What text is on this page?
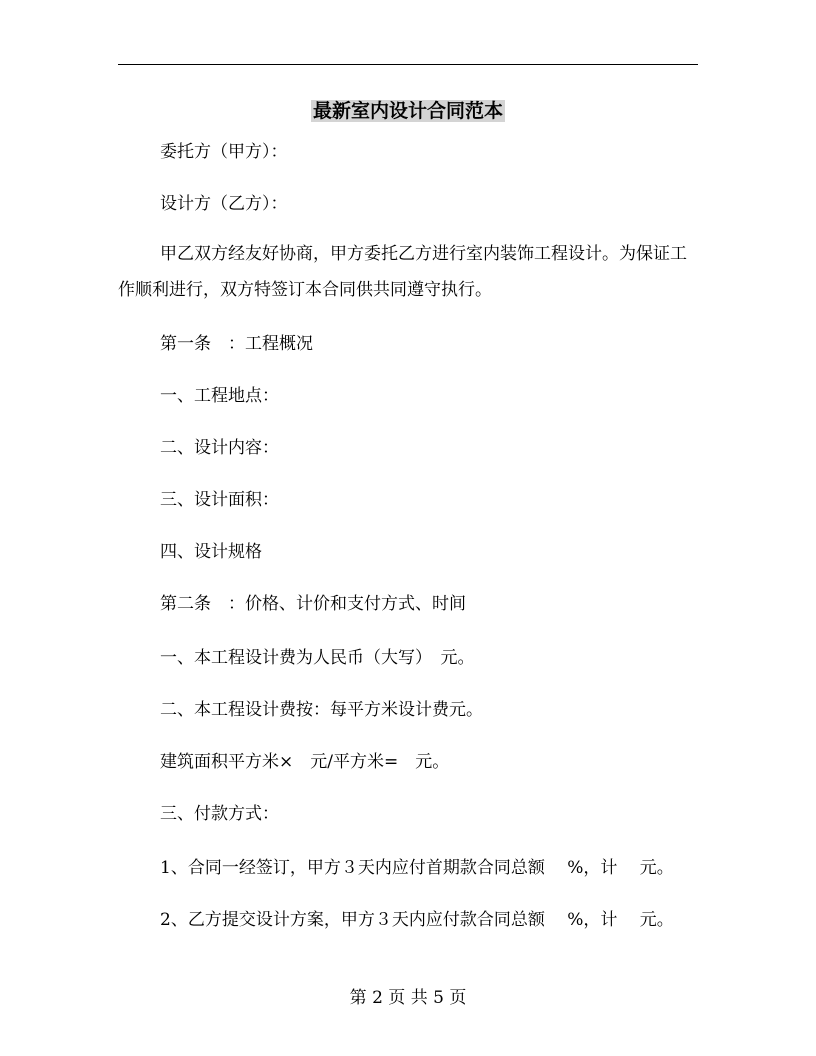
最新室内设计合同范本
委托方（甲方）：
设计方（乙方）：
甲乙双方经友好协商，甲方委托乙方进行室内装饰工程设计。为保证工作顺利进行，双方特签订本合同供共同遵守执行。
第一条　：工程概况
一、工程地点：
二、设计内容：
三、设计面积：
四、设计规格
第二条　：价格、计价和支付方式、时间
一、本工程设计费为人民币（大写）　元。
二、本工程设计费按：每平方米设计费元。
建筑面积平方米×　元/平方米=　元。
三、付款方式：
1、合同一经签订，甲方３天内应付首期款合同总额　 %，计　 元。
2、乙方提交设计方案，甲方３天内应付款合同总额　 %，计　 元。
第 2 页 共 5 页
